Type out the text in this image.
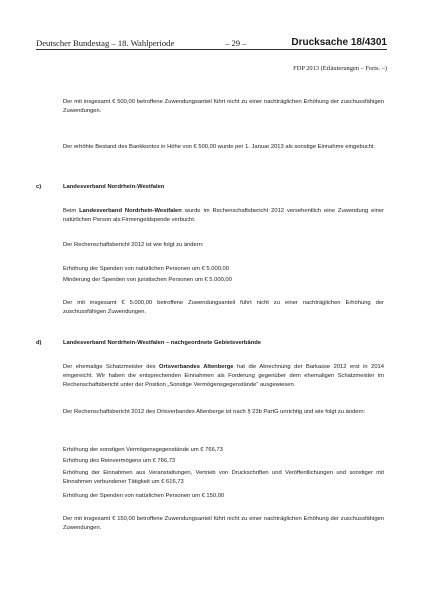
Deutscher Bundestag – 18. Wahlperiode	– 29 –	Drucksache 18/4301
FDP 2013 (Erläuterungen – Forts. –)

Der mit insgesamt € 500,00 betroffene Zuwendungsanteil führt nicht zu einer nachträglichen Erhöhung der zuschussfähigen Zuwendungen.

Der erhöhte Bestand des Bankkontos in Höhe von € 500,00 wurde per 1. Januar 2013 als sonstige Einnahme eingebucht.

c)	Landesverband Nordrhein-Westfalen

Beim Landesverband Nordrhein-Westfalen wurde im Rechenschaftsbericht 2012 versehentlich eine Zuwendung einer natürlichen Person als Firmengeldspende verbucht.

Der Rechenschaftsbericht 2012 ist wie folgt zu ändern:

Erhöhung der Spenden von natürlichen Personen um € 5.000,00

Minderung der Spenden von juristischen Personen um € 5.000,00

Der mit insgesamt € 5.000,00 betroffene Zuwendungsanteil führt nicht zu einer nachträglichen Erhöhung der zuschussfähigen Zuwendungen.

d)	Landesverband Nordrhein-Westfalen – nachgeordnete Gebietsverbände

Der ehemalige Schatzmeister des Ortsverbandes Altenberge hat die Abrechnung der Barkasse 2012 erst in 2014 eingereicht. Wir haben die entsprechenden Einnahmen als Forderung gegenüber dem ehemaligen Schatzmeister im Rechenschaftsbericht unter der Position „Sonstige Vermögensgegenstände“ ausgewiesen.

Der Rechenschaftsbericht 2012 des Ortsverbandes Altenberge ist nach § 23b PartG unrichtig und wie folgt zu ändern:

Erhöhung der sonstigen Vermögensgegenstände um € 766,73

Erhöhung des Reinvermögens um € 766,73

Erhöhung der Einnahmen aus Veranstaltungen, Vertrieb von Druckschriften und Veröffentlichungen und sonstiger mit Einnahmen verbundener Tätigkeit um € 616,73

Erhöhung der Spenden von natürlichen Personen um € 150,00

Der mit insgesamt € 150,00 betroffene Zuwendungsanteil führt nicht zu einer nachträglichen Erhöhung der zuschussfähigen Zuwendungen.
